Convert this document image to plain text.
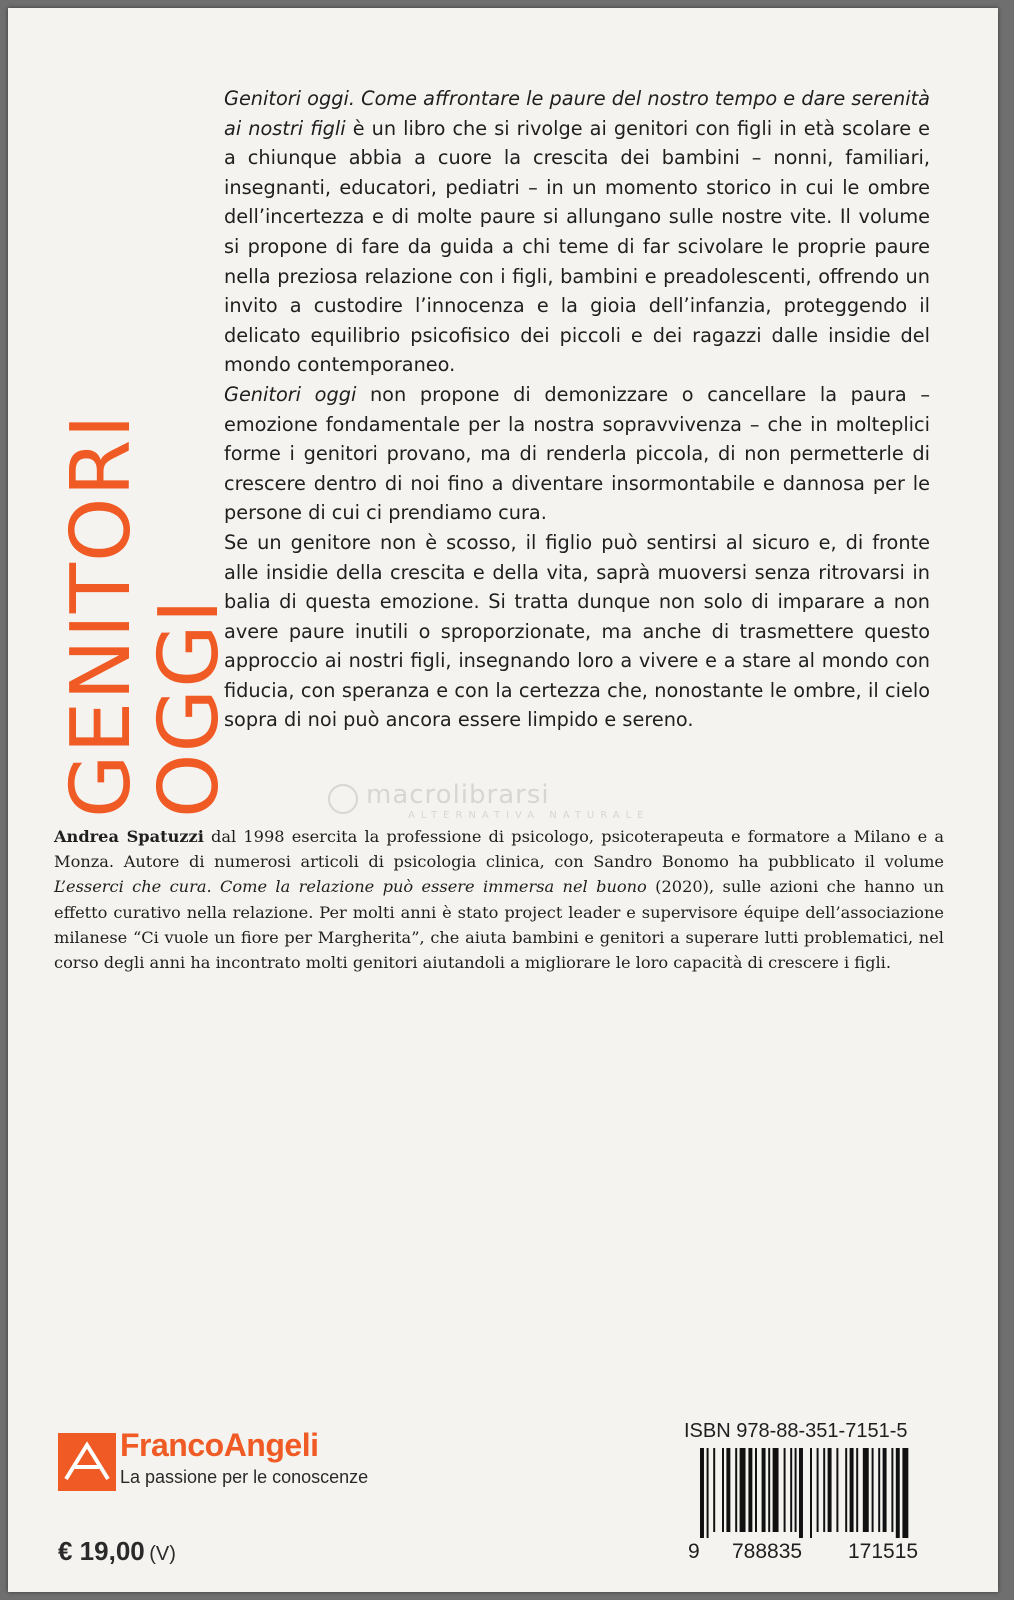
GENITORI
OGGI

Genitori oggi. Come affrontare le paure del nostro tempo e dare serenità ai nostri figli è un libro che si rivolge ai genitori con figli in età scolare e a chiunque abbia a cuore la crescita dei bambini – nonni, familiari, insegnanti, educatori, pediatri – in un momento storico in cui le ombre dell’incertezza e di molte paure si allungano sulle nostre vite. Il volume si propone di fare da guida a chi teme di far scivolare le proprie paure nella preziosa relazione con i figli, bambini e preadolescenti, offrendo un invito a custodire l’innocenza e la gioia dell’infanzia, proteggendo il delicato equilibrio psicofisico dei piccoli e dei ragazzi dalle insidie del mondo contemporaneo.

Genitori oggi non propone di demonizzare o cancellare la paura – emozione fondamentale per la nostra sopravvivenza – che in molteplici forme i genitori provano, ma di renderla piccola, di non permetterle di crescere dentro di noi fino a diventare insormontabile e dannosa per le persone di cui ci prendiamo cura.

Se un genitore non è scosso, il figlio può sentirsi al sicuro e, di fronte alle insidie della crescita e della vita, saprà muoversi senza ritrovarsi in balia di questa emozione. Si tratta dunque non solo di imparare a non avere paure inutili o sproporzionate, ma anche di trasmettere questo approccio ai nostri figli, insegnando loro a vivere e a stare al mondo con fiducia, con speranza e con la certezza che, nonostante le ombre, il cielo sopra di noi può ancora essere limpido e sereno.

macrolibrarsi
ALTERNATIVA NATURALE

Andrea Spatuzzi dal 1998 esercita la professione di psicologo, psicoterapeuta e formatore a Milano e a Monza. Autore di numerosi articoli di psicologia clinica, con Sandro Bonomo ha pubblicato il volume L’esserci che cura. Come la relazione può essere immersa nel buono (2020), sulle azioni che hanno un effetto curativo nella relazione. Per molti anni è stato project leader e supervisore équipe dell’associazione milanese “Ci vuole un fiore per Margherita”, che aiuta bambini e genitori a superare lutti problematici, nel corso degli anni ha incontrato molti genitori aiutandoli a migliorare le loro capacità di crescere i figli.

FrancoAngeli
La passione per le conoscenze
€ 19,00 (V)
ISBN 978-88-351-7151-5
9 788835 171515
